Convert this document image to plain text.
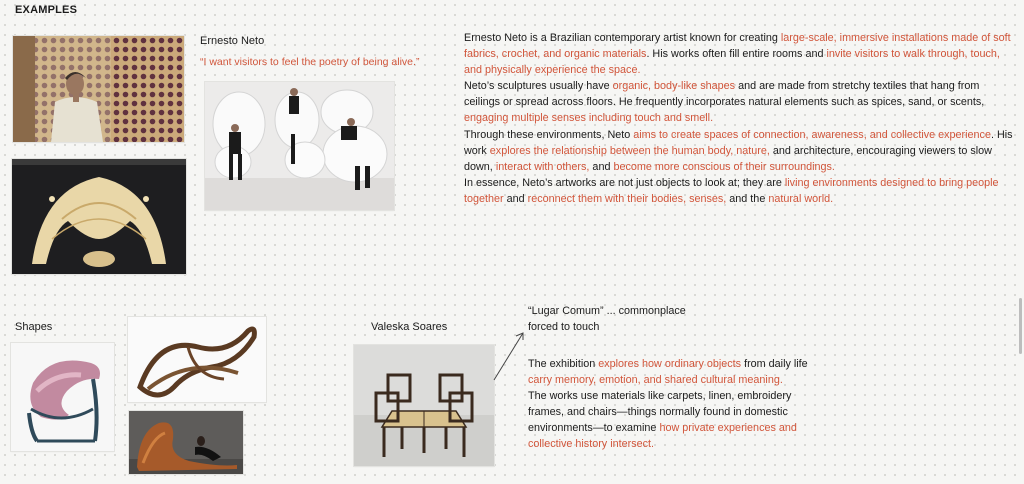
EXAMPLES
Ernesto Neto
“I want visitors to feel the poetry of being alive.”

Ernesto Neto is a Brazilian contemporary artist known for creating large-scale, immersive installations made of soft fabrics, crochet, and organic materials. His works often fill entire rooms and invite visitors to walk through, touch, and physically experience the space.

Neto’s sculptures usually have organic, body-like shapes and are made from stretchy textiles that hang from ceilings or spread across floors. He frequently incorporates natural elements such as spices, sand, or scents, engaging multiple senses including touch and smell.

Through these environments, Neto aims to create spaces of connection, awareness, and collective experience. His work explores the relationship between the human body, nature, and architecture, encouraging viewers to slow down, interact with others, and become more conscious of their surroundings.

In essence, Neto’s artworks are not just objects to look at; they are living environments designed to bring people together and reconnect them with their bodies, senses, and the natural world.

Shapes	Valeska Soares

“Lugar Comum” ... commonplace

forced to touch

The exhibition explores how ordinary objects from daily life carry memory, emotion, and shared cultural meaning.

The works use materials like carpets, linen, embroidery frames, and chairs—things normally found in domestic environments—to examine how private experiences and collective history intersect.
